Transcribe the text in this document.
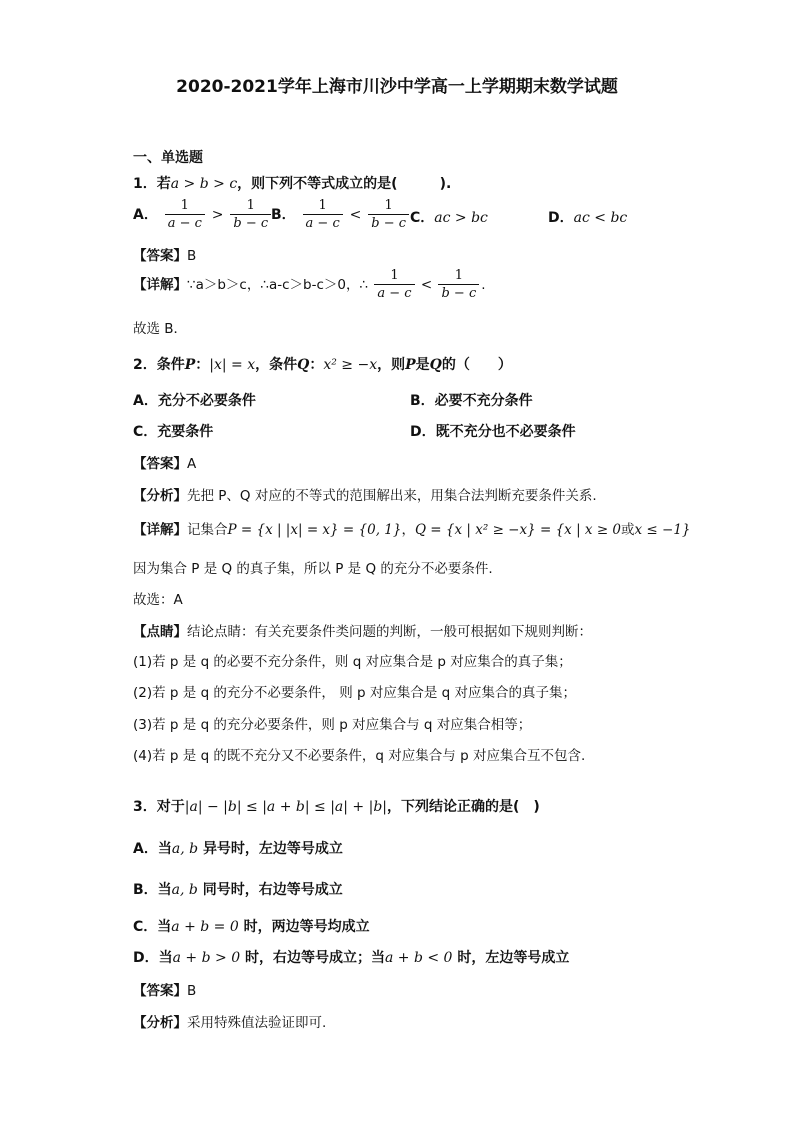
2020-2021学年上海市川沙中学高一上学期期末数学试题
一、单选题
1．若a > b > c，则下列不等式成立的是(　　　).
A． $\frac{1}{a - c} > \frac{1}{b - c}$ B． $\frac{1}{a - c} < \frac{1}{b - c}$ C．ac > bc	D．ac < bc
【答案】B
【详解】∵a＞b＞c，∴a-c＞b-c＞0，∴ $\frac{1}{a - c} < \frac{1}{b - c}$ .
故选 B．
2．条件P：|x| = x，条件Q：x² ≥ −x，则P是Q的（　　）
A．充分不必要条件	B．必要不充分条件
C．充要条件	D．既不充分也不必要条件
【答案】A
【分析】先把 P、Q 对应的不等式的范围解出来，用集合法判断充要条件关系.
【详解】记集合P = {x | |x| = x} = {0, 1}，Q = {x | x² ≥ −x} = {x | x ≥ 0或x ≤ −1}
因为集合 P 是 Q 的真子集，所以 P 是 Q 的充分不必要条件.
故选：A
【点睛】结论点睛：有关充要条件类问题的判断，一般可根据如下规则判断：
(1)若 p 是 q 的必要不充分条件，则 q 对应集合是 p 对应集合的真子集；
(2)若 p 是 q 的充分不必要条件， 则 p 对应集合是 q 对应集合的真子集；
(3)若 p 是 q 的充分必要条件，则 p 对应集合与 q 对应集合相等；
(4)若 p 是 q 的既不充分又不必要条件，q 对应集合与 p 对应集合互不包含.
3．对于|a| − |b| ≤ |a + b| ≤ |a| + |b|，下列结论正确的是(　)
A．当a, b 异号时，左边等号成立
B．当a, b 同号时，右边等号成立
C．当a + b = 0 时，两边等号均成立
D．当a + b > 0 时，右边等号成立；当a + b < 0 时，左边等号成立
【答案】B
【分析】采用特殊值法验证即可.
